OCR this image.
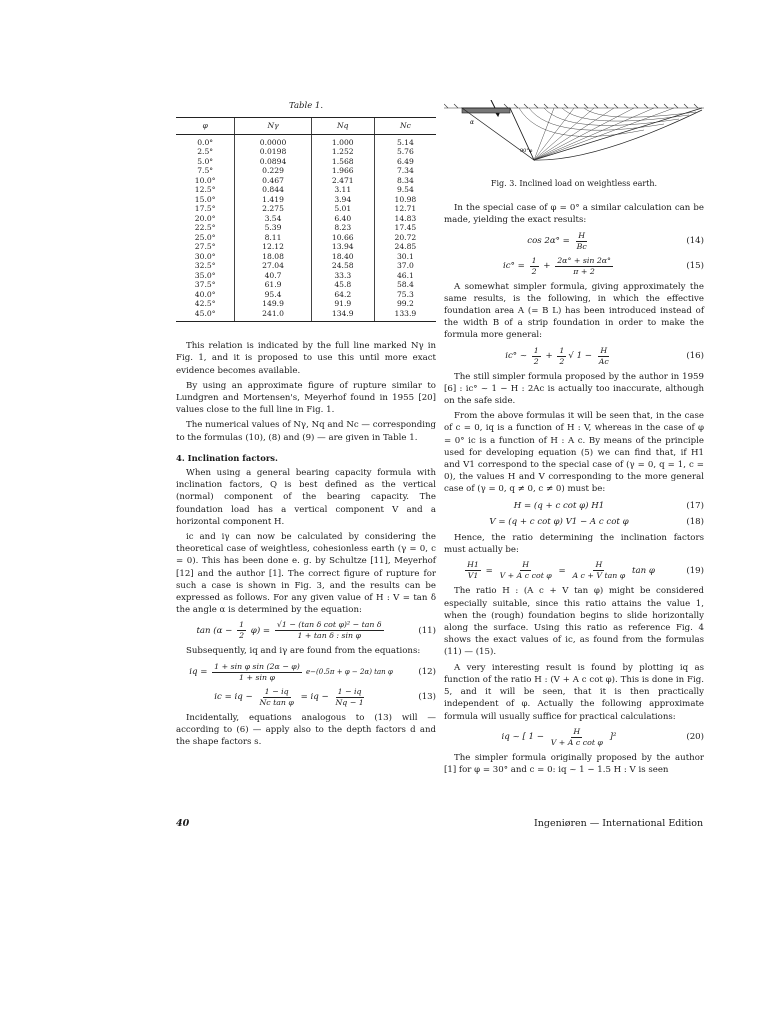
Table 1.
φ	Nγ	Nq	Nc
0.0°	0.0000	1.000	5.14
2.5°	0.0198	1.252	5.76
5.0°	0.0894	1.568	6.49
7.5°	0.229	1.966	7.34
10.0°	0.467	2.471	8.34
12.5°	0.844	3.11	9.54
15.0°	1.419	3.94	10.98
17.5°	2.275	5.01	12.71
20.0°	3.54	6.40	14.83
22.5°	5.39	8.23	17.45
25.0°	8.11	10.66	20.72
27.5°	12.12	13.94	24.85
30.0°	18.08	18.40	30.1
32.5°	27.04	24.58	37.0
35.0°	40.7	33.3	46.1
37.5°	61.9	45.8	58.4
40.0°	95.4	64.2	75.3
42.5°	149.9	91.9	99.2
45.0°	241.0	134.9	133.9

This relation is indicated by the full line marked Nγ in Fig. 1, and it is proposed to use this until more exact evidence becomes available.

By using an approximate figure of rupture similar to Lundgren and Mortensen's, Meyerhof found in 1955 [20] values close to the full line in Fig. 1.

The numerical values of Nγ, Nq and Nc — corresponding to the formulas (10), (8) and (9) — are given in Table 1.

4. Inclination factors.

When using a general bearing capacity formula with inclination factors, Q is best defined as the vertical (normal) component of the bearing capacity. The foundation load has a vertical component V and a horizontal component H.

ic and iγ can now be calculated by considering the theoretical case of weightless, cohesionless earth (γ = 0, c = 0). This has been done e. g. by Schultze [11], Meyerhof [12] and the author [1]. The correct figure of rupture for such a case is shown in Fig. 3, and the results can be expressed as follows. For any given value of H : V = tan δ the angle α is determined by the equation:

$\tan (\alpha - \frac{1}{2} \varphi) = \frac{\text{√1 − (tan δ cot φ)² − tan δ}}{\text{1 + tan δ : sin φ}}$	(11)

Subsequently, iq and iγ are found from the equations:

iq = $\frac{\text{1 + sin φ sin (2α − φ)}}{\text{1 + sin φ}} e-(0.5\pi + \varphi - 2\alpha)$ tan φ	(12)
ic = iq − $\frac{1 - iq}{\text{Nc tan φ}}$ = iq − $\frac{1 - iq}{Nq - 1}$	(13)

Incidentally, equations analogous to (13) will — according to (6) — apply also to the depth factors d and the shape factors s.

α
90°φ
Fig. 3. Inclined load on weightless earth.

In the special case of φ = 0° a similar calculation can be made, yielding the exact results:

$\cos 2\alpha^\circ = \frac{H}{Bc}$	(14)
$ic^\circ = \frac{1}{2} + \frac{2\alpha^\circ + \sin 2\alpha^\circ}{\pi + 2}$	(15)

A somewhat simpler formula, giving approximately the same results, is the following, in which the effective foundation area A (= B L) has been introduced instead of the width B of a strip foundation in order to make the formula more general:

ic° ~ $\frac{1}{2} + \frac{1}{2}$ √ $1 - \frac{H}{Ac}$	(16)

The still simpler formula proposed by the author in 1959 [6] : ic° ~ 1 − H : 2Ac is actually too inaccurate, although on the safe side.

From the above formulas it will be seen that, in the case of c = 0, iq is a function of H : V, whereas in the case of φ = 0° ic is a function of H : A c. By means of the principle used for developing equation (5) we can find that, if H1 and V1 correspond to the special case of (γ = 0, q = 1, c = 0), the values H and V corresponding to the more general case of (γ = 0, q ≠ 0, c ≠ 0) must be:

H = (q + c cot φ) H1	(17)
V = (q + c cot φ) V1 − A c cot φ	(18)

Hence, the ratio determining the inclination factors must actually be:

$\frac{H1}{V1} = \frac{H}{\text{V + A c cot φ}} = \frac{H}{\text{A c + V tan φ}}$ tan φ	(19)

The ratio H : (A c + V tan φ) might be considered especially suitable, since this ratio attains the value 1, when the (rough) foundation begins to slide horizontally along the surface. Using this ratio as reference Fig. 4 shows the exact values of ic, as found from the formulas (11) — (15).

A very interesting result is found by plotting iq as function of the ratio H : (V + A c cot φ). This is done in Fig. 5, and it will be seen, that it is then practically independent of φ. Actually the following approximate formula will usually suffice for practical calculations:

iq ~ [ $1 - \frac{H}{\text{V + A c cot φ}} ]^2$	(20)

The simpler formula originally proposed by the author [1] for φ = 30° and c = 0: iq ~ 1 − 1.5 H : V is seen

40	Ingeniøren — International Edition
